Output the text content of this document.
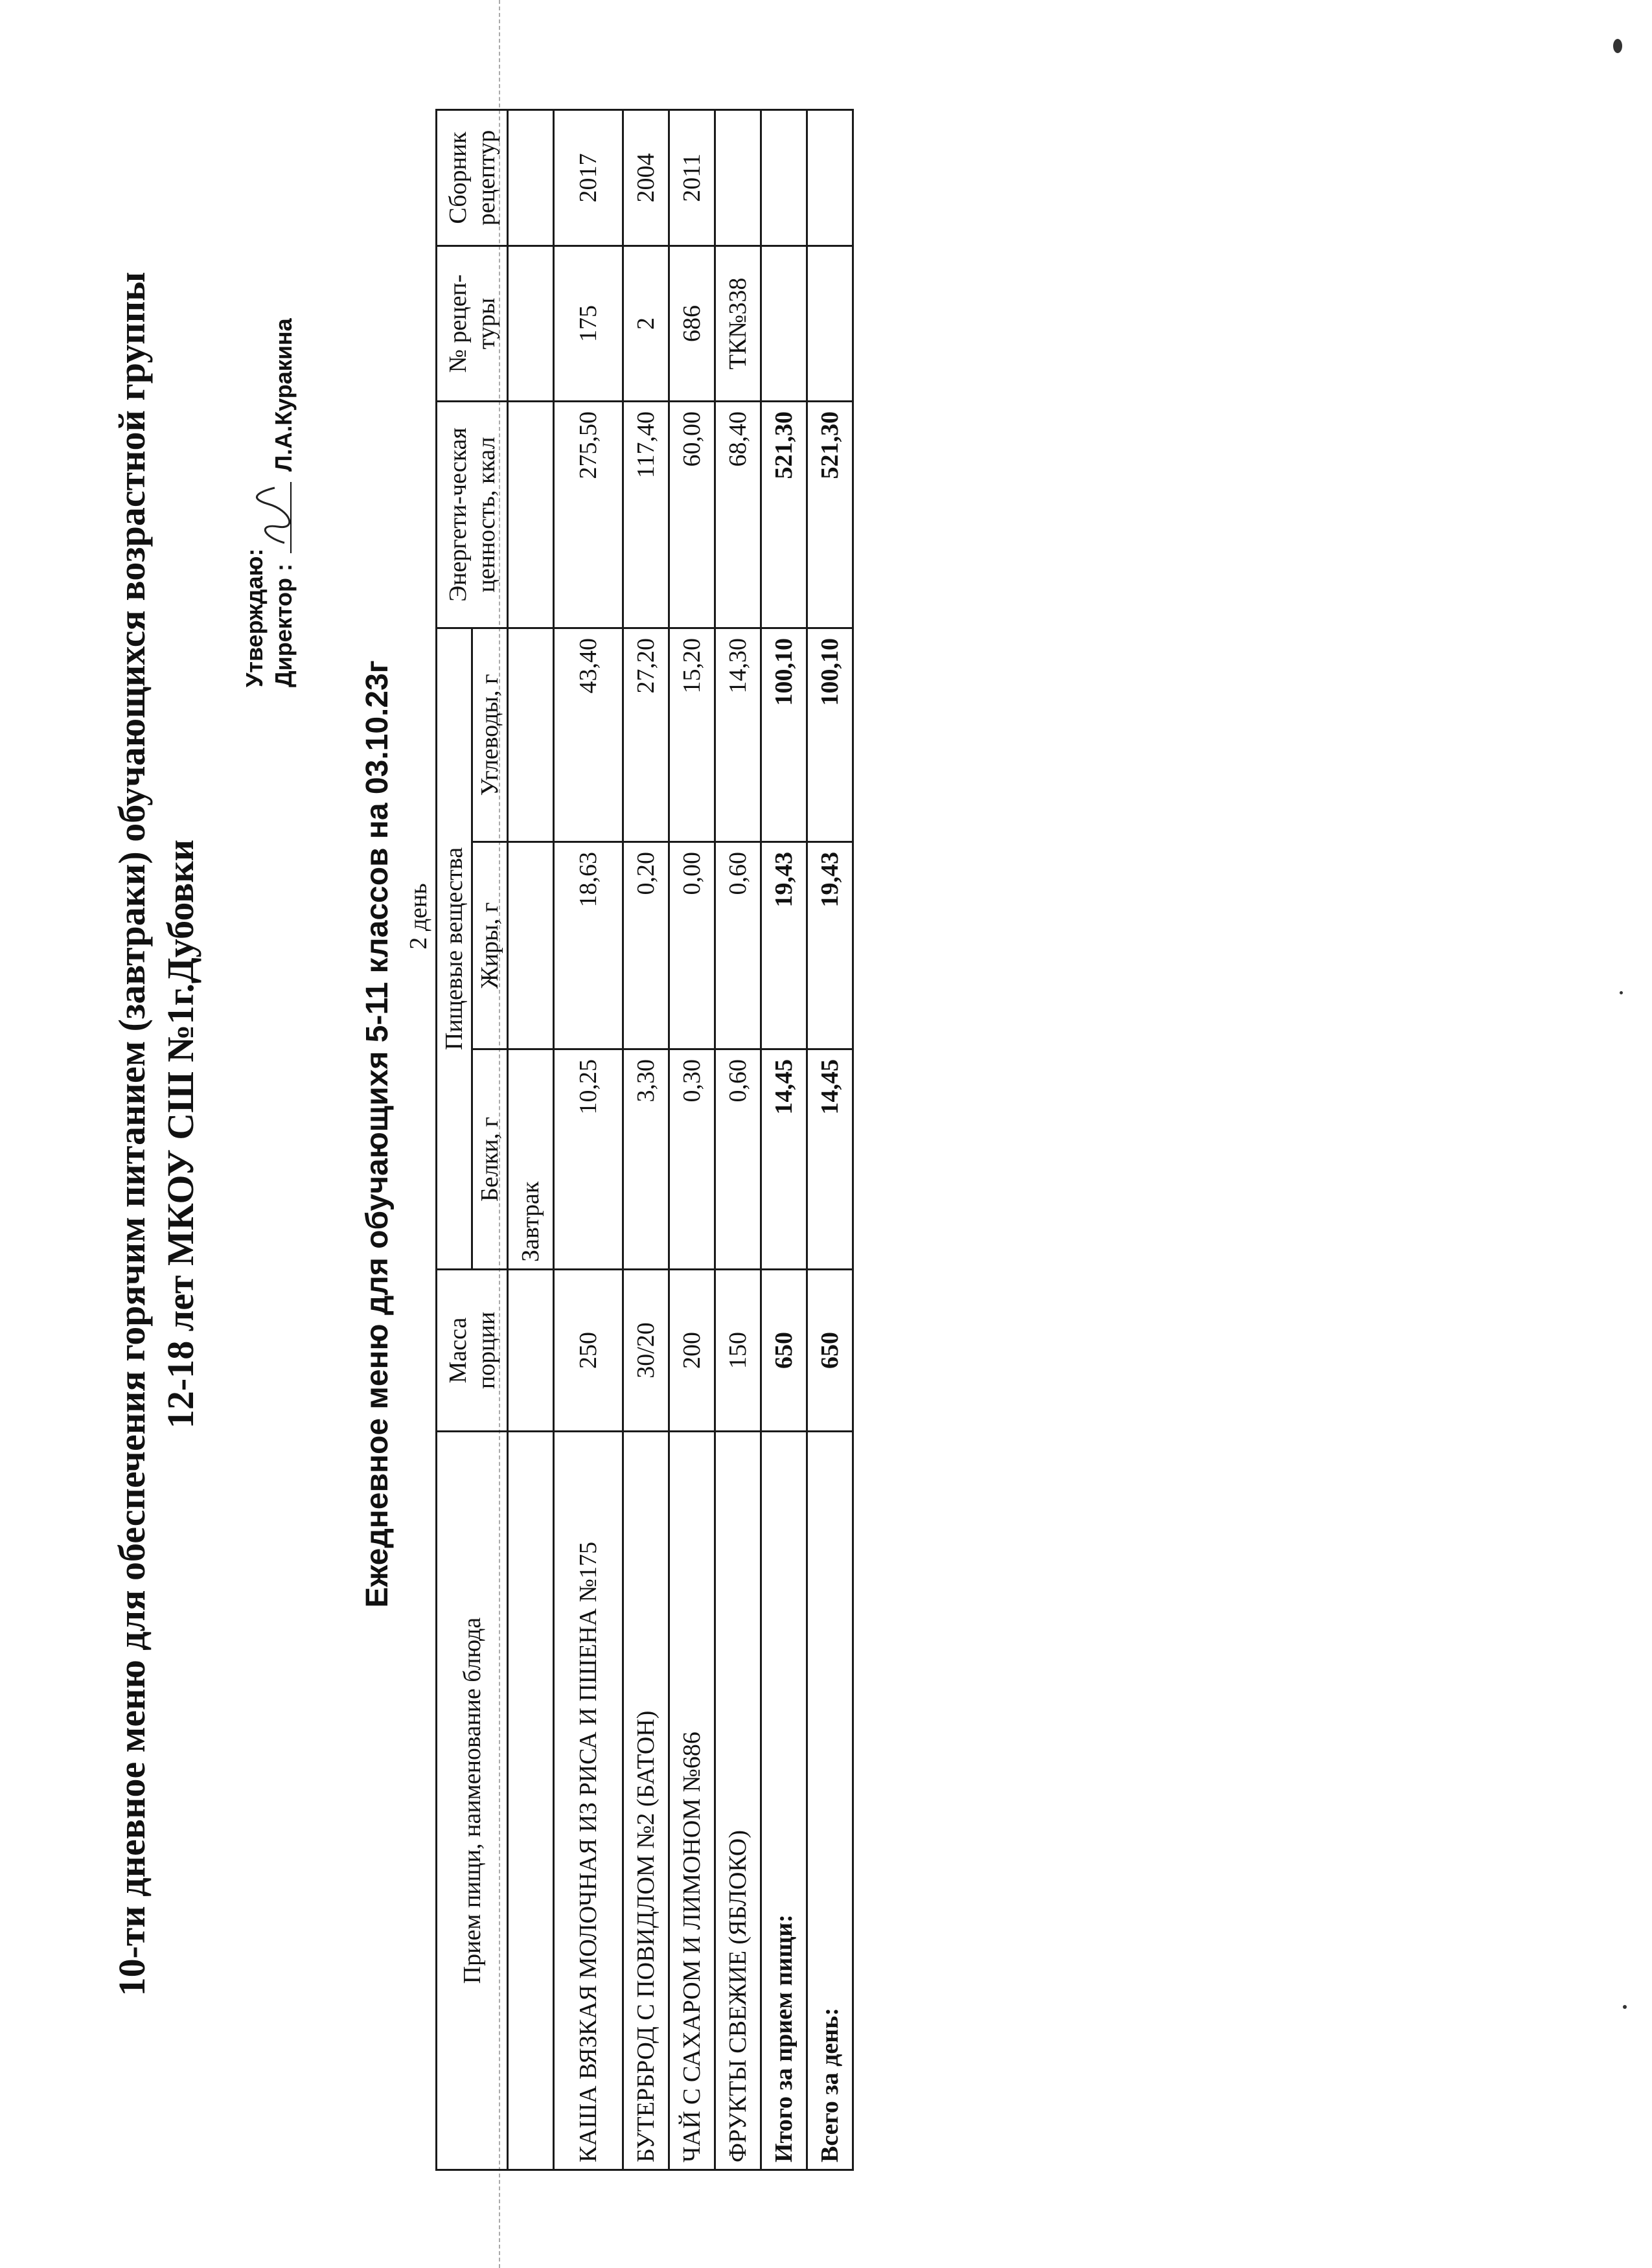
10-ти дневное меню для обеспечения горячим питанием (завтраки) обучающихся возрастной группы 12-18 лет МКОУ СШ №1г.Дубовки
Утверждаю: Директор :
Л.А.Куракина
Ежедневное меню для обучающихя 5-11 классов на 03.10.23г
	2 день						
Прием пищи, наименование блюда	Масса порции	Пищевые вещества			Энергети-ческая ценность, ккал	№ рецеп-туры	Сборник рецептур
		Белки, г	Жиры, г	Углеводы, г			
		Завтрак					
КАША ВЯЗКАЯ МОЛОЧНАЯ ИЗ РИСА И ПШЕНА №175	250	10,25	18,63	43,40	275,50	175	2017
БУТЕРБРОД С ПОВИДЛОМ №2 (БАТОН)	30/20	3,30	0,20	27,20	117,40	2	2004
ЧАЙ С САХАРОМ И ЛИМОНОМ №686	200	0,30	0,00	15,20	60,00	686	2011
ФРУКТЫ СВЕЖИЕ (ЯБЛОКО)	150	0,60	0,60	14,30	68,40	ТК№338	
Итого за прием пищи:	650	14,45	19,43	100,10	521,30		
Всего за день:	650	14,45	19,43	100,10	521,30		
